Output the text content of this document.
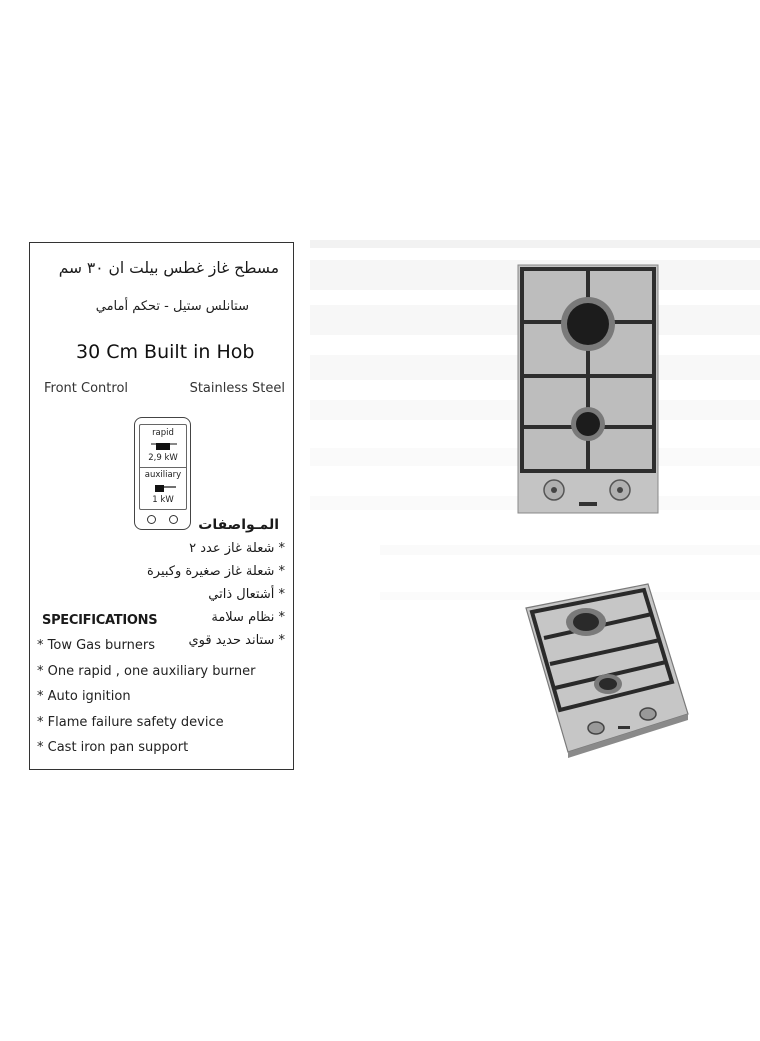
مسطح غاز غطس بيلت ان ٣٠ سم
ستانلس ستيل - تحكم أمامي
30 Cm Built in Hob
Front Control	Stainless Steel
rapid
2,9 kW
auxiliary
1 kW
المـواصفات
* شعلة غاز عدد ٢
* شعلة غاز صغيرة وكبيرة
* أشتعال ذاتي
* نظام سلامة
* ستاند حديد قوي
SPECIFICATIONS
* Tow Gas burners
* One rapid , one auxiliary burner
* Auto ignition
* Flame failure safety device
* Cast iron pan support
